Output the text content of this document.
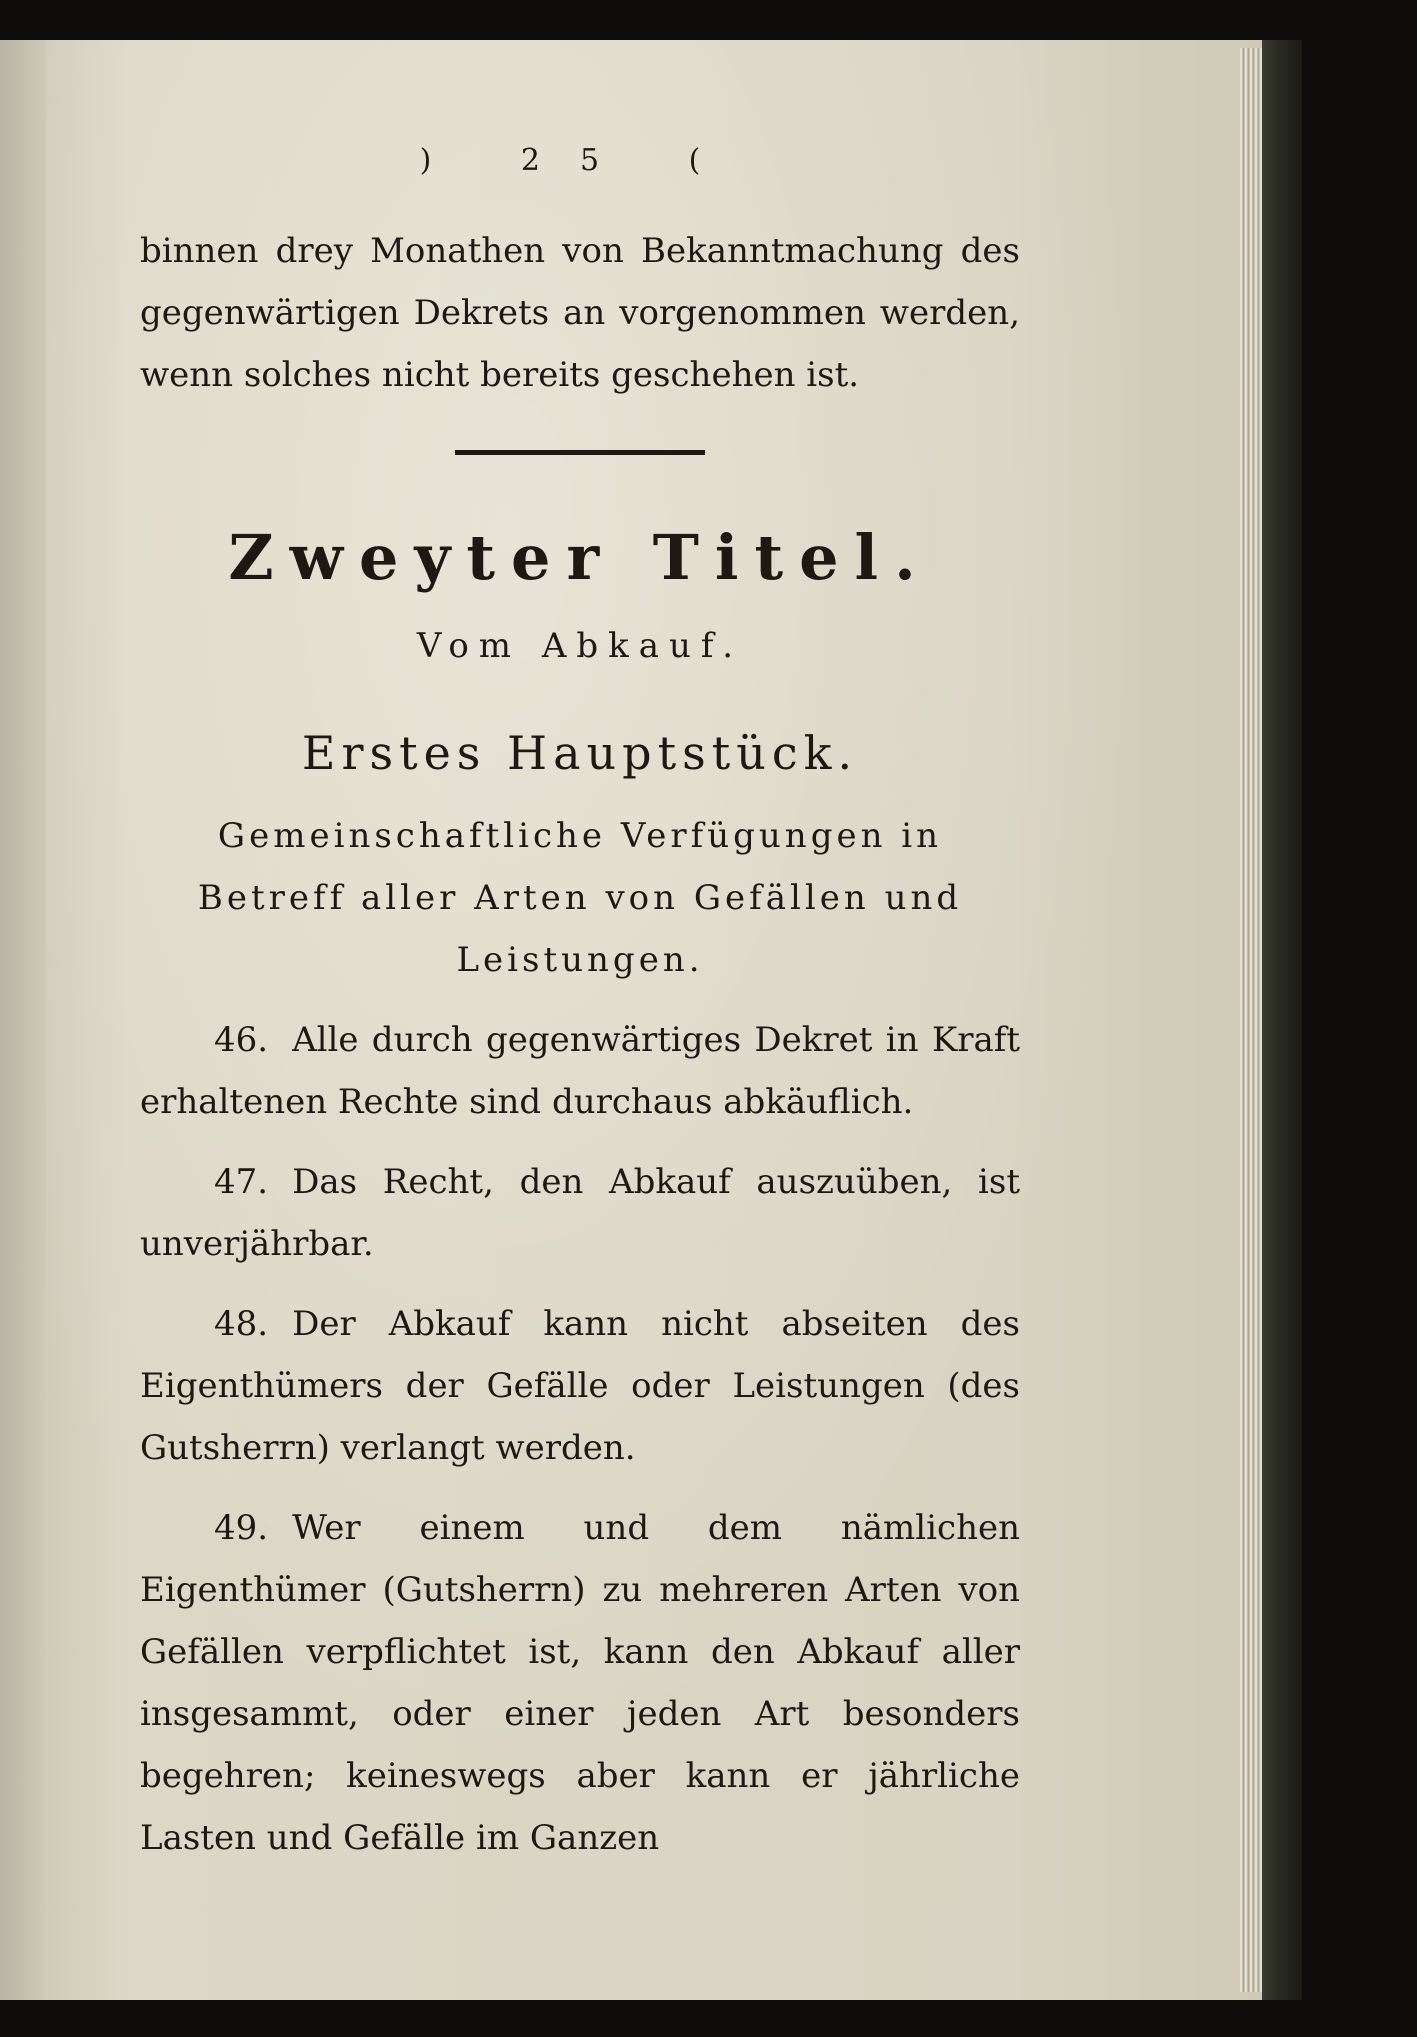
) 25 (

binnen drey Monathen von Bekanntmachung des gegenwärtigen Dekrets an vorgenommen werden, wenn solches nicht bereits geschehen ist.

Zweyter Titel.
Vom Abkauf.
Erstes Hauptstück.
Gemeinschaftliche Verfügungen in Betreff aller Arten von Gefällen und Leistungen.

46. Alle durch gegenwärtiges Dekret in Kraft erhaltenen Rechte sind durchaus abkäuflich.

47. Das Recht, den Abkauf auszuüben, ist unverjährbar.

48. Der Abkauf kann nicht abseiten des Eigenthümers der Gefälle oder Leistungen (des Gutsherrn) verlangt werden.

49. Wer einem und dem nämlichen Eigenthümer (Gutsherrn) zu mehreren Arten von Gefällen verpflichtet ist, kann den Abkauf aller insgesammt, oder einer jeden Art besonders begehren; keineswegs aber kann er jährliche Lasten und Gefälle im Ganzen
